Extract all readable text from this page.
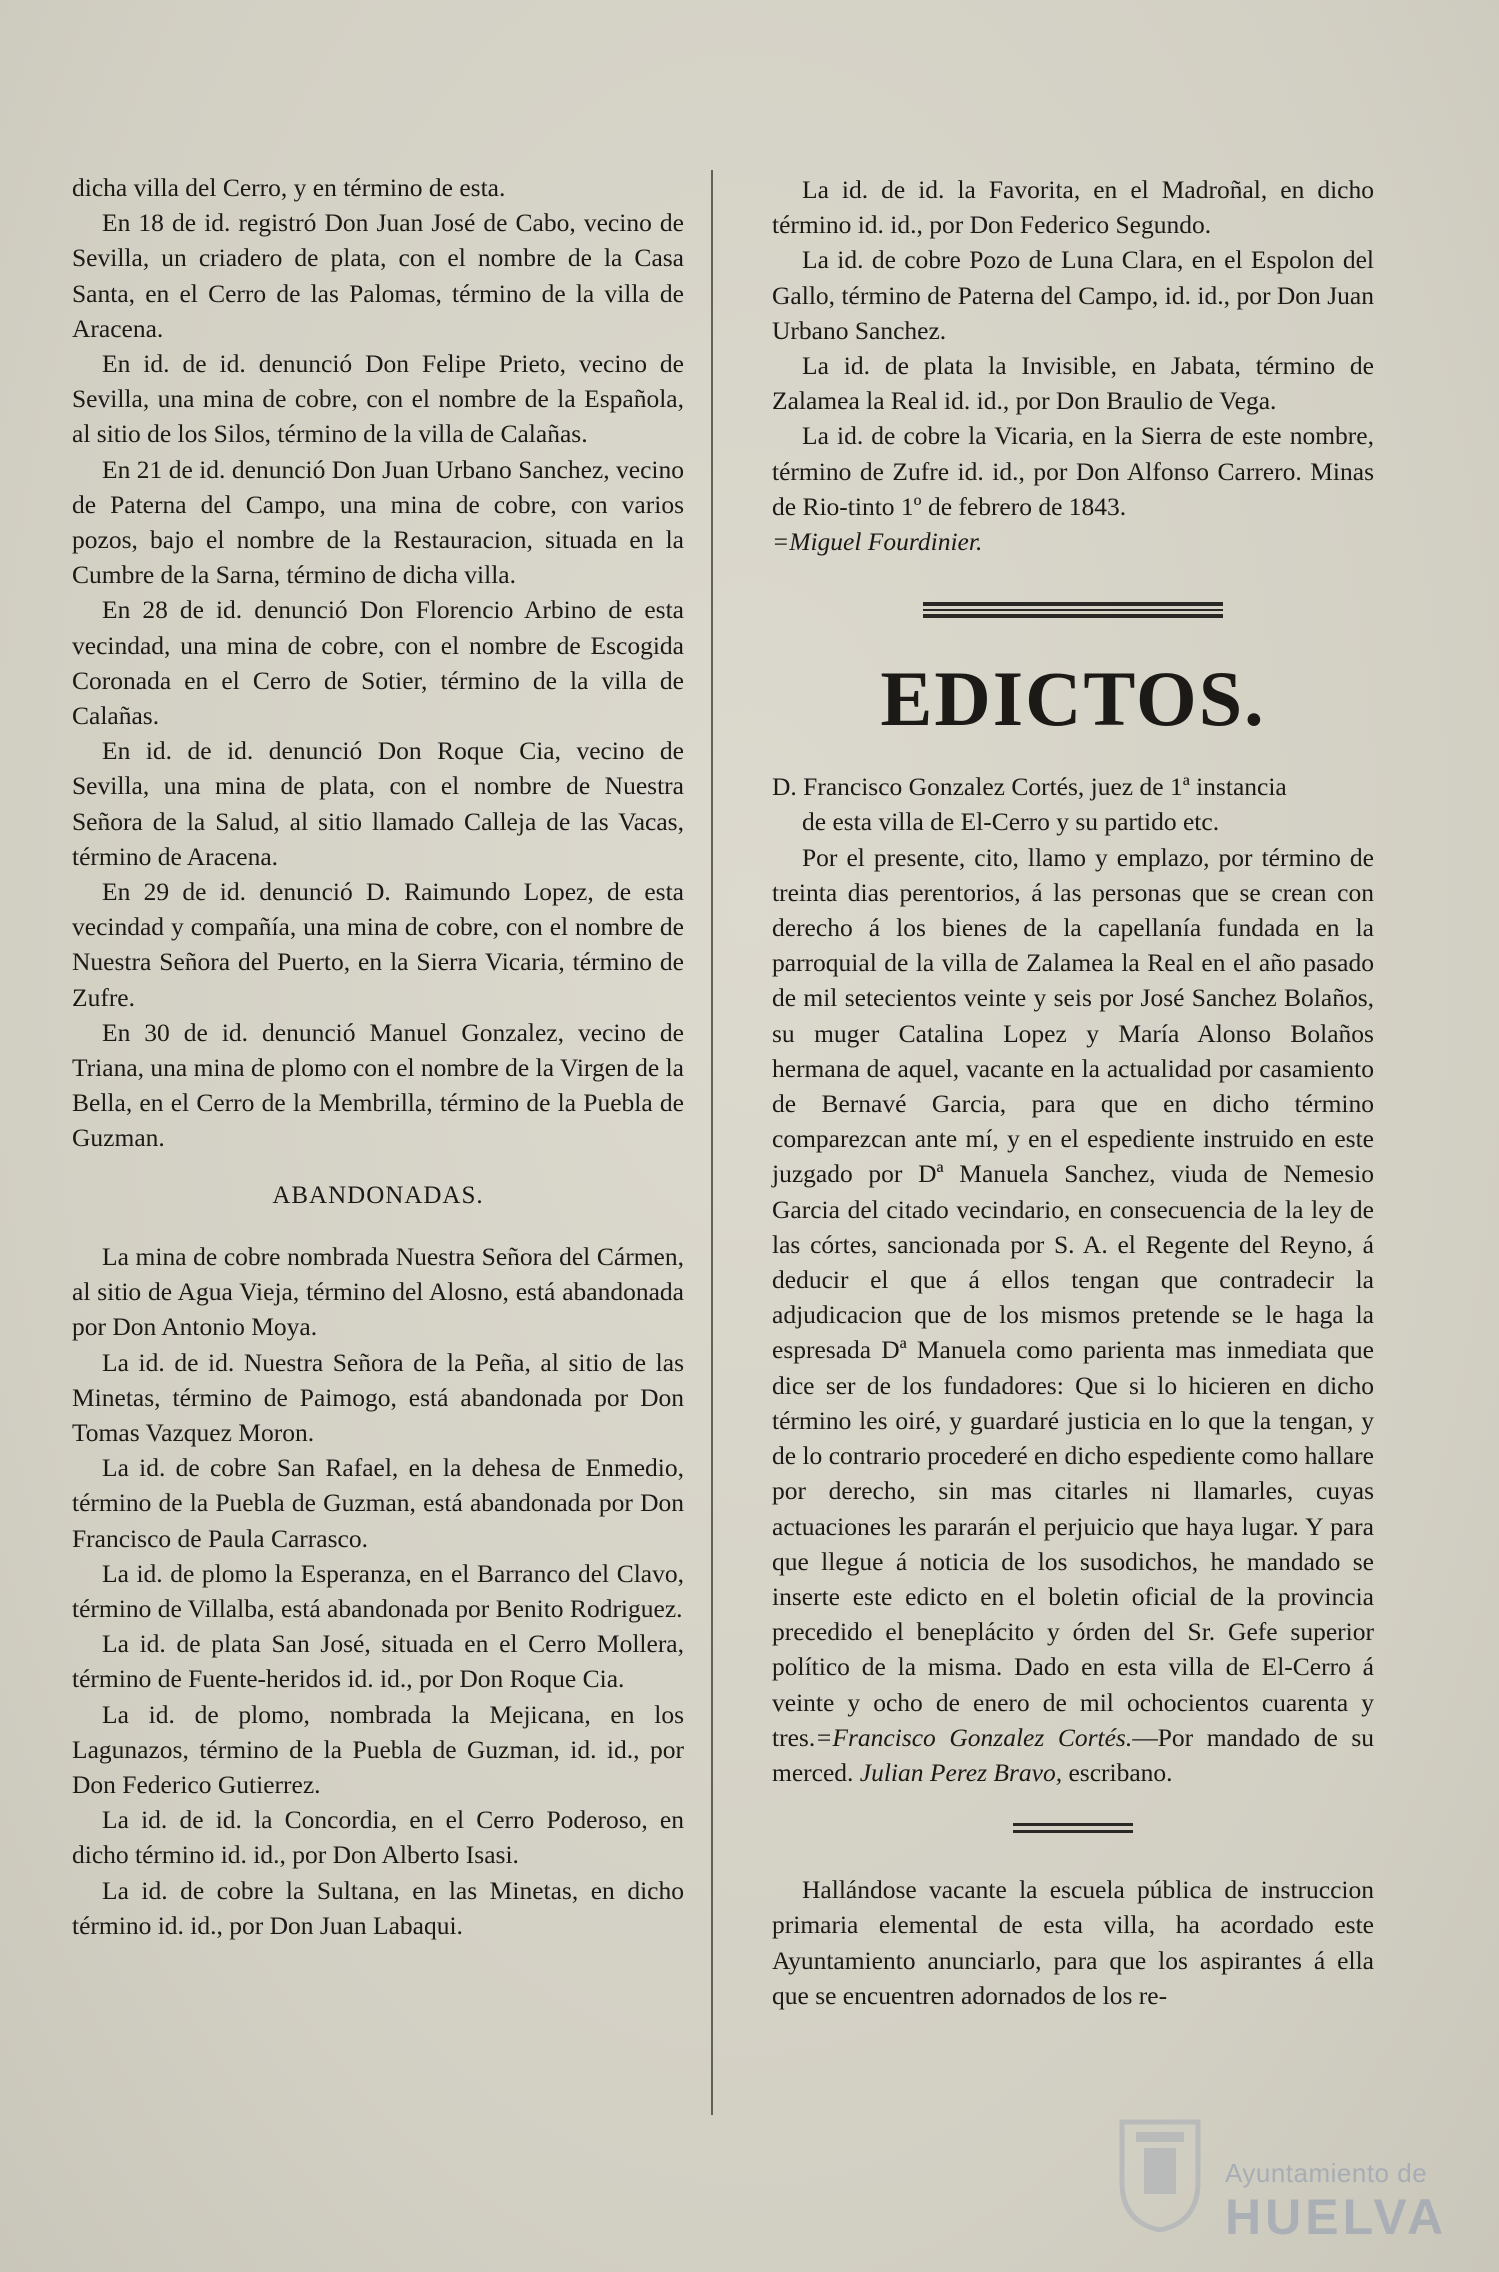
dicha villa del Cerro, y en término de esta.

En 18 de id. registró Don Juan José de Cabo, vecino de Sevilla, un criadero de plata, con el nombre de la Casa Santa, en el Cerro de las Palomas, término de la villa de Aracena.

En id. de id. denunció Don Felipe Prieto, vecino de Sevilla, una mina de cobre, con el nombre de la Española, al sitio de los Silos, término de la villa de Calañas.

En 21 de id. denunció Don Juan Urbano Sanchez, vecino de Paterna del Campo, una mina de cobre, con varios pozos, bajo el nombre de la Restauracion, situada en la Cumbre de la Sarna, término de dicha villa.

En 28 de id. denunció Don Florencio Arbino de esta vecindad, una mina de cobre, con el nombre de Escogida Coronada en el Cerro de Sotier, término de la villa de Calañas.

En id. de id. denunció Don Roque Cia, vecino de Sevilla, una mina de plata, con el nombre de Nuestra Señora de la Salud, al sitio llamado Calleja de las Vacas, término de Aracena.

En 29 de id. denunció D. Raimundo Lopez, de esta vecindad y compañía, una mina de cobre, con el nombre de Nuestra Señora del Puerto, en la Sierra Vicaria, término de Zufre.

En 30 de id. denunció Manuel Gonzalez, vecino de Triana, una mina de plomo con el nombre de la Virgen de la Bella, en el Cerro de la Membrilla, término de la Puebla de Guzman.

ABANDONADAS.

La mina de cobre nombrada Nuestra Señora del Cármen, al sitio de Agua Vieja, término del Alosno, está abandonada por Don Antonio Moya.

La id. de id. Nuestra Señora de la Peña, al sitio de las Minetas, término de Paimogo, está abandonada por Don Tomas Vazquez Moron.

La id. de cobre San Rafael, en la dehesa de Enmedio, término de la Puebla de Guzman, está abandonada por Don Francisco de Paula Carrasco.

La id. de plomo la Esperanza, en el Barranco del Clavo, término de Villalba, está abandonada por Benito Rodriguez.

La id. de plata San José, situada en el Cerro Mollera, término de Fuente-heridos id. id., por Don Roque Cia.

La id. de plomo, nombrada la Mejicana, en los Lagunazos, término de la Puebla de Guzman, id. id., por Don Federico Gutierrez.

La id. de id. la Concordia, en el Cerro Poderoso, en dicho término id. id., por Don Alberto Isasi.

La id. de cobre la Sultana, en las Minetas, en dicho término id. id., por Don Juan Labaqui.

La id. de id. la Favorita, en el Madroñal, en dicho término id. id., por Don Federico Segundo.

La id. de cobre Pozo de Luna Clara, en el Espolon del Gallo, término de Paterna del Campo, id. id., por Don Juan Urbano Sanchez.

La id. de plata la Invisible, en Jabata, término de Zalamea la Real id. id., por Don Braulio de Vega.

La id. de cobre la Vicaria, en la Sierra de este nombre, término de Zufre id. id., por Don Alfonso Carrero. Minas de Rio-tinto 1º de febrero de 1843.

=Miguel Fourdinier.

EDICTOS.

D. Francisco Gonzalez Cortés, juez de 1ª instancia

de esta villa de El-Cerro y su partido etc.

Por el presente, cito, llamo y emplazo, por término de treinta dias perentorios, á las personas que se crean con derecho á los bienes de la capellanía fundada en la parroquial de la villa de Zalamea la Real en el año pasado de mil setecientos veinte y seis por José Sanchez Bolaños, su muger Catalina Lopez y María Alonso Bolaños hermana de aquel, vacante en la actualidad por casamiento de Bernavé Garcia, para que en dicho término comparezcan ante mí, y en el espediente instruido en este juzgado por Dª Manuela Sanchez, viuda de Nemesio Garcia del citado vecindario, en consecuencia de la ley de las córtes, sancionada por S. A. el Regente del Reyno, á deducir el que á ellos tengan que contradecir la adjudicacion que de los mismos pretende se le haga la espresada Dª Manuela como parienta mas inmediata que dice ser de los fundadores: Que si lo hicieren en dicho término les oiré, y guardaré justicia en lo que la tengan, y de lo contrario procederé en dicho espediente como hallare por derecho, sin mas citarles ni llamarles, cuyas actuaciones les pararán el perjuicio que haya lugar. Y para que llegue á noticia de los susodichos, he mandado se inserte este edicto en el boletin oficial de la provincia precedido el beneplácito y órden del Sr. Gefe superior político de la misma. Dado en esta villa de El-Cerro á veinte y ocho de enero de mil ochocientos cuarenta y tres.=Francisco Gonzalez Cortés.—Por mandado de su merced. Julian Perez Bravo, escribano.

Hallándose vacante la escuela pública de instruccion primaria elemental de esta villa, ha acordado este Ayuntamiento anunciarlo, para que los aspirantes á ella que se encuentren adornados de los re-

Ayuntamiento de
HUELVA
